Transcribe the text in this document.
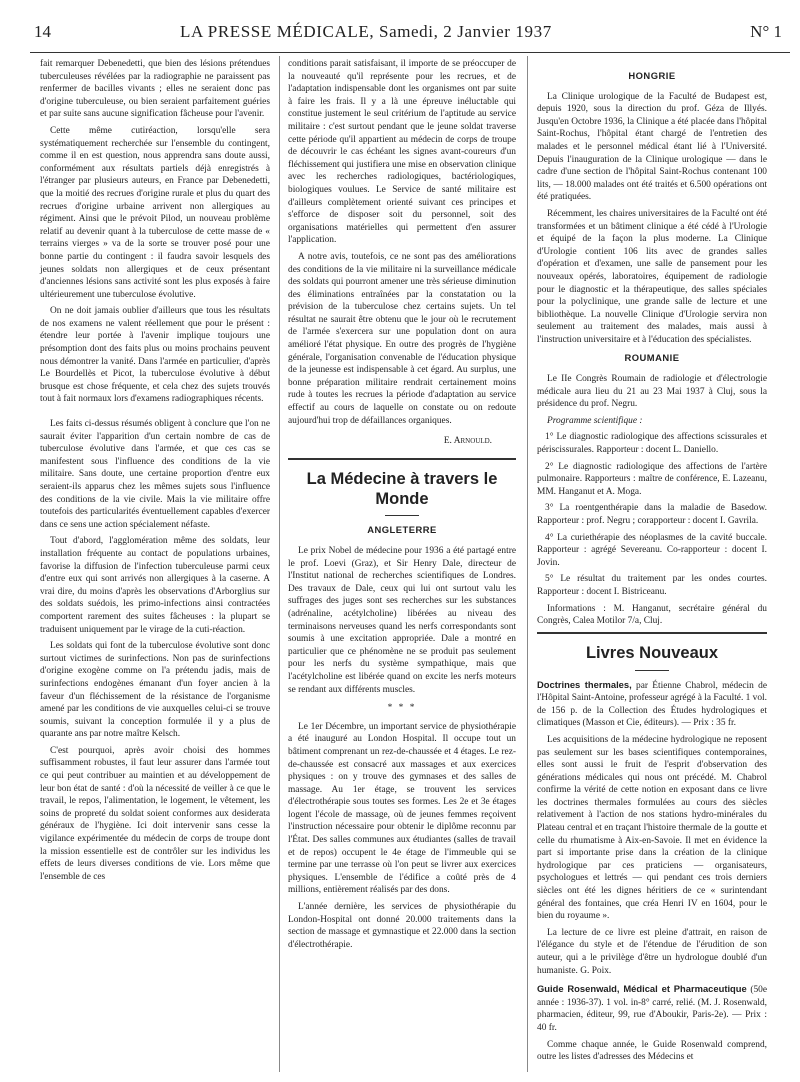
14	LA PRESSE MÉDICALE, Samedi, 2 Janvier 1937	N° 1

fait remarquer Debenedetti, que bien des lésions prétendues tuberculeuses révélées par la radiographie ne paraissent pas renfermer de bacilles vivants ; elles ne seraient donc pas d'origine tuberculeuse, ou bien seraient parfaitement guéries et par suite sans aucune signification fâcheuse pour l'avenir.

Cette même cutiréaction, lorsqu'elle sera systématiquement recherchée sur l'ensemble du contingent, comme il en est question, nous apprendra sans doute aussi, conformément aux résultats partiels déjà enregistrés à l'étranger par plusieurs auteurs, en France par Debenedetti, que la moitié des recrues d'origine rurale et plus du quart des recrues d'origine urbaine arrivent non allergiques au régiment. Ainsi que le prévoit Pilod, un nouveau problème relatif au devenir quant à la tuberculose de cette masse de « terrains vierges » va de la sorte se trouver posé pour une bonne partie du contingent : il faudra savoir lesquels des jeunes soldats non allergiques et de ceux présentant d'anciennes lésions sans activité sont les plus exposés à faire ultérieurement une tuberculose évolutive.

On ne doit jamais oublier d'ailleurs que tous les résultats de nos examens ne valent réellement que pour le présent : étendre leur portée à l'avenir implique toujours une présomption dont des faits plus ou moins prochains peuvent nous démontrer la vanité. Dans l'armée en particulier, d'après Le Bourdellès et Picot, la tuberculose évolutive à début brusque est chose fréquente, et cela chez des sujets trouvés tout à fait normaux lors d'examens radiographiques récents.

Les faits ci-dessus résumés obligent à conclure que l'on ne saurait éviter l'apparition d'un certain nombre de cas de tuberculose évolutive dans l'armée, et que ces cas se manifestent sous l'influence des conditions de la vie militaire. Sans doute, une certaine proportion d'entre eux seraient-ils apparus chez les mêmes sujets sous l'influence des conditions de la vie civile. Mais la vie militaire offre toutefois des particularités éventuellement capables d'exercer dans ce sens une action spécialement néfaste.

Tout d'abord, l'agglomération même des soldats, leur installation fréquente au contact de populations urbaines, favorise la diffusion de l'infection tuberculeuse parmi ceux d'entre eux qui sont arrivés non allergiques à la caserne. A vrai dire, du moins d'après les observations d'Arborglius sur des soldats suédois, les primo-infections ainsi contractées comportent rarement des suites fâcheuses : la plupart se traduisent uniquement par le virage de la cuti-réaction.

Les soldats qui font de la tuberculose évolutive sont donc surtout victimes de surinfections. Non pas de surinfections d'origine exogène comme on l'a prétendu jadis, mais de surinfections endogènes émanant d'un foyer ancien à la faveur d'un fléchissement de la résistance de l'organisme amené par les conditions de vie auxquelles celui-ci se trouve soumis, suivant la conception formulée il y a plus de quarante ans par notre maître Kelsch.

C'est pourquoi, après avoir choisi des hommes suffisamment robustes, il faut leur assurer dans l'armée tout ce qui peut contribuer au maintien et au développement de leur bon état de santé : d'où la nécessité de veiller à ce que le travail, le repos, l'alimentation, le logement, le vêtement, les soins de propreté du soldat soient conformes aux desiderata généraux de l'hygiène. Ici doit intervenir sans cesse la vigilance expérimentée du médecin de corps de troupe dont la mission essentielle est de contrôler sur les individus les effets de leurs diverses conditions de vie. Lors même que l'ensemble de ces

conditions parait satisfaisant, il importe de se préoccuper de la nouveauté qu'il représente pour les recrues, et de l'adaptation indispensable dont les organismes ont par suite à faire les frais. Il y a là une épreuve inéluctable qui constitue justement le seul critérium de l'aptitude au service militaire : c'est surtout pendant que le jeune soldat traverse cette période qu'il appartient au médecin de corps de troupe de découvrir le cas échéant les signes avant-coureurs d'un fléchissement qui justifiera une mise en observation clinique avec les recherches radiologiques, bactériologiques, biologiques voulues. Le Service de santé militaire est d'ailleurs complètement orienté suivant ces principes et s'efforce de disposer soit du personnel, soit des organisations matérielles qui permettent d'en assurer l'application.

A notre avis, toutefois, ce ne sont pas des améliorations des conditions de la vie militaire ni la surveillance médicale des soldats qui pourront amener une très sérieuse diminution des éliminations entraînées par la constatation ou la prévision de la tuberculose chez certains sujets. Un tel résultat ne saurait être obtenu que le jour où le recrutement de l'armée s'exercera sur une population dont on aura amélioré l'état physique. En outre des progrès de l'hygiène générale, l'organisation convenable de l'éducation physique de la jeunesse est indispensable à cet égard. Au surplus, une bonne préparation militaire rendrait certainement moins rude à toutes les recrues la période d'adaptation au service effectif au cours de laquelle on constate ou on redoute aujourd'hui trop de défaillances organiques.

E. Arnould.

La Médecine à travers le Monde
ANGLETERRE

Le prix Nobel de médecine pour 1936 a été partagé entre le prof. Loevi (Graz), et Sir Henry Dale, directeur de l'Institut national de recherches scientifiques de Londres. Des travaux de Dale, ceux qui lui ont surtout valu les suffrages des juges sont ses recherches sur les substances (adrénaline, acétylcholine) libérées au niveau des terminaisons nerveuses quand les nerfs correspondants sont soumis à une excitation appropriée. Dale a montré en particulier que ce phénomène ne se produit pas seulement pour les nerfs du système sympathique, mais que l'acétylcholine est libérée quand on excite les nerfs moteurs se rendant aux différents muscles.

* * *

Le 1er Décembre, un important service de physiothérapie a été inauguré au London Hospital. Il occupe tout un bâtiment comprenant un rez-de-chaussée et 4 étages. Le rez-de-chaussée est consacré aux massages et aux exercices physiques : on y trouve des gymnases et des salles de massage. Au 1er étage, se trouvent les services d'électrothérapie sous toutes ses formes. Les 2e et 3e étages logent l'école de massage, où de jeunes femmes reçoivent l'instruction nécessaire pour obtenir le diplôme reconnu par l'État. Des salles communes aux étudiantes (salles de travail et de repos) occupent le 4e étage de l'immeuble qui se termine par une terrasse où l'on peut se livrer aux exercices physiques. L'ensemble de l'édifice a coûté près de 4 millions, entièrement réalisés par des dons.

L'année dernière, les services de physiothérapie du London-Hospital ont donné 20.000 traitements dans la section de massage et gymnastique et 22.000 dans la section d'électrothérapie.

HONGRIE

La Clinique urologique de la Faculté de Budapest est, depuis 1920, sous la direction du prof. Géza de Illyés. Jusqu'en Octobre 1936, la Clinique a été placée dans l'hôpital Saint-Rochus, l'hôpital étant chargé de l'entretien des malades et le personnel médical étant lié à l'Université. Depuis l'inauguration de la Clinique urologique — dans le cadre d'une section de l'hôpital Saint-Rochus contenant 100 lits, — 18.000 malades ont été traités et 6.500 opérations ont été pratiquées.

Récemment, les chaires universitaires de la Faculté ont été transformées et un bâtiment clinique a été cédé à l'Urologie et équipé de la façon la plus moderne. La Clinique d'Urologie contient 106 lits avec de grandes salles d'opération et d'examen, une salle de pansement pour les nouveaux opérés, laboratoires, équipement de radiologie pour le diagnostic et la thérapeutique, des salles spéciales pour la polyclinique, une grande salle de lecture et une bibliothèque. La nouvelle Clinique d'Urologie servira non seulement au traitement des malades, mais aussi à l'instruction universitaire et à l'éducation des spécialistes.

ROUMANIE

Le IIe Congrès Roumain de radiologie et d'électrologie médicale aura lieu du 21 au 23 Mai 1937 à Cluj, sous la présidence du prof. Negru.

Programme scientifique :

1° Le diagnostic radiologique des affections scissurales et périscissurales. Rapporteur : docent L. Daniello.

2° Le diagnostic radiologique des affections de l'artère pulmonaire. Rapporteurs : maître de conférence, E. Lazeanu, MM. Hanganut et A. Moga.

3° La roentgenthérapie dans la maladie de Basedow. Rapporteur : prof. Negru ; corapporteur : docent I. Gavrila.

4° La curiethérapie des néoplasmes de la cavité buccale. Rapporteur : agrégé Severeanu. Co-rapporteur : docent I. Jovin.

5° Le résultat du traitement par les ondes courtes. Rapporteur : docent I. Bistriceanu.

Informations : M. Hanganut, secrétaire général du Congrès, Calea Motilor 7/a, Cluj.

Livres Nouveaux

Doctrines thermales, par Étienne Chabrol, médecin de l'Hôpital Saint-Antoine, professeur agrégé à la Faculté. 1 vol. de 156 p. de la Collection des Études hydrologiques et climatiques (Masson et Cie, éditeurs). — Prix : 35 fr.

Les acquisitions de la médecine hydrologique ne reposent pas seulement sur les bases scientifiques contemporaines, elles sont aussi le fruit de l'esprit d'observation des générations médicales qui nous ont précédé. M. Chabrol confirme la vérité de cette notion en exposant dans ce livre les doctrines thermales formulées au cours des siècles relativement à l'action de nos stations hydro-minérales du Plateau central et en traçant l'histoire thermale de la goutte et celle du rhumatisme à Aix-en-Savoie. Il met en évidence la part si importante prise dans la création de la clinique hydrologique par ces praticiens — organisateurs, psychologues et lettrés — qui pendant ces trois derniers siècles ont été les dignes héritiers de ce « surintendant général des fontaines, que créa Henri IV en 1604, pour le bien du royaume ».

La lecture de ce livre est pleine d'attrait, en raison de l'élégance du style et de l'étendue de l'érudition de son auteur, qui a le privilège d'être un hydrologue doublé d'un humaniste. G. Poix.

Guide Rosenwald, Médical et Pharmaceutique (50e année : 1936-37). 1 vol. in-8° carré, relié. (M. J. Rosenwald, pharmacien, éditeur, 99, rue d'Aboukir, Paris-2e). — Prix : 40 fr.

Comme chaque année, le Guide Rosenwald comprend, outre les listes d'adresses des Médecins et
